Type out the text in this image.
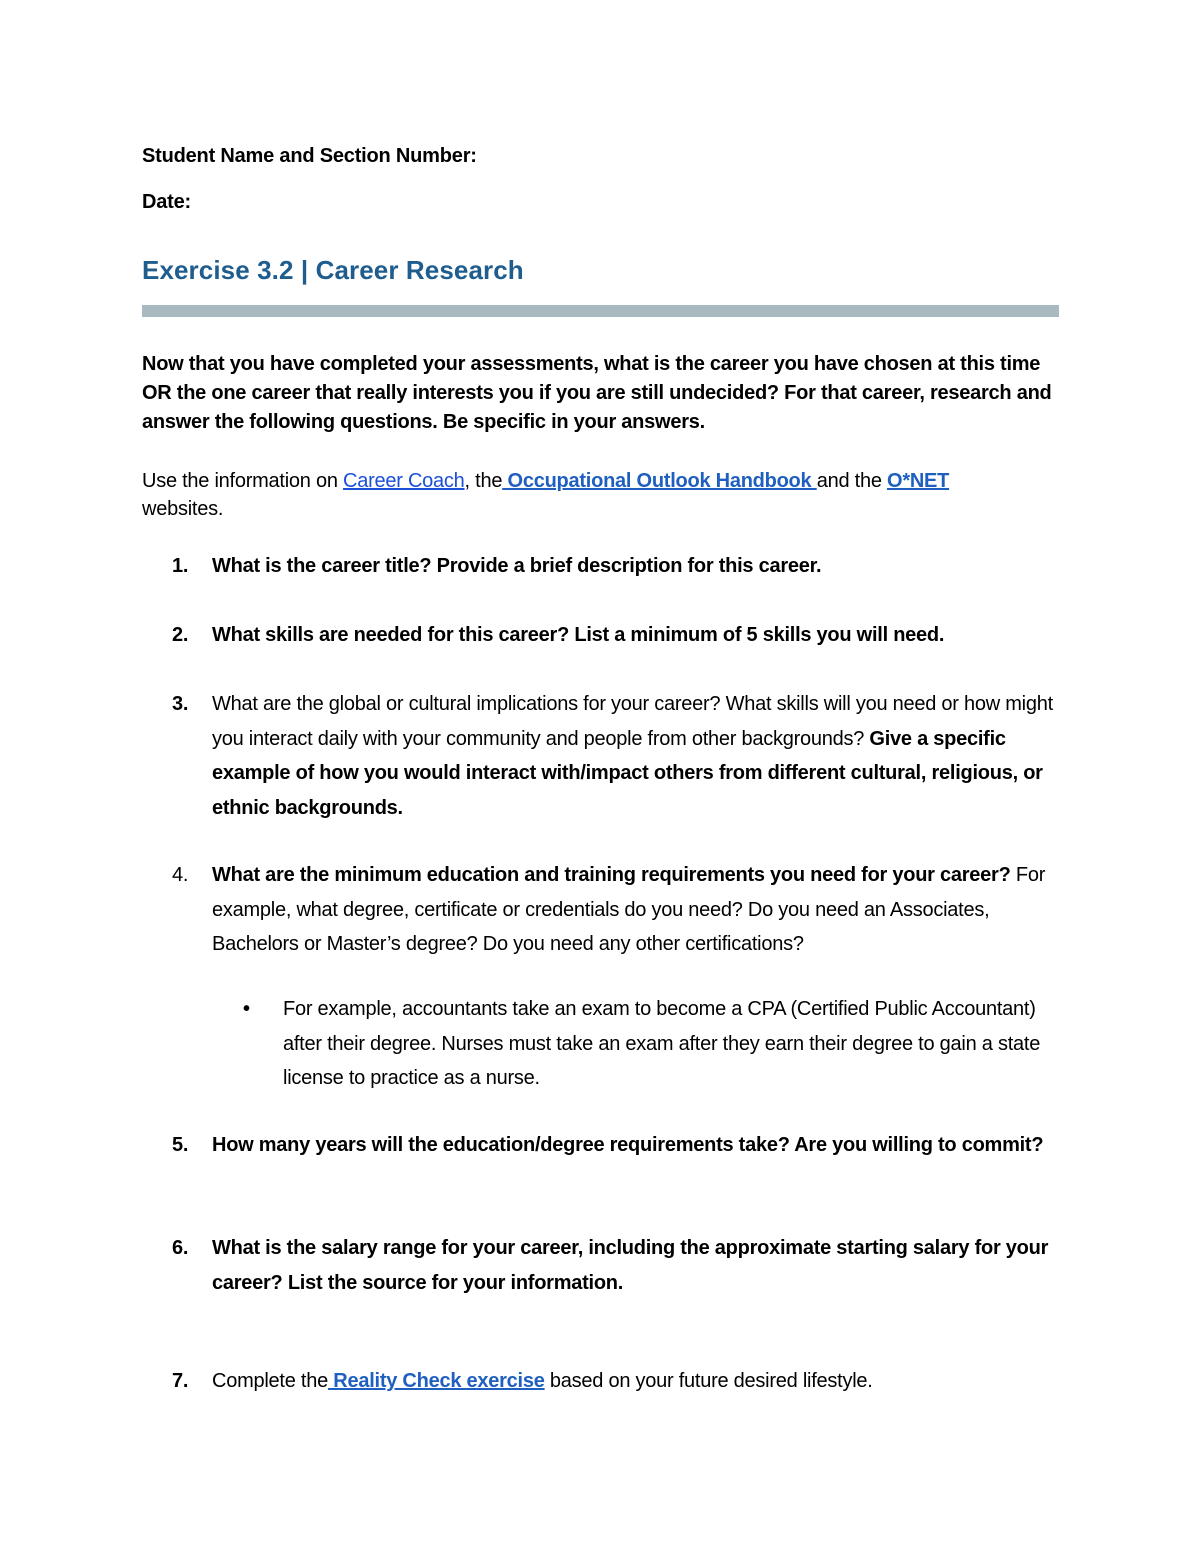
Student Name and Section Number:
Date:
Exercise 3.2 | Career Research
Now that you have completed your assessments, what is the career you have chosen at this time OR the one career that really interests you if you are still undecided? For that career, research and answer the following questions. Be specific in your answers.
Use the information on Career Coach, the Occupational Outlook Handbook and the O*NET
websites.
1.	What is the career title? Provide a brief description for this career.
2.	What skills are needed for this career? List a minimum of 5 skills you will need.
3.	What are the global or cultural implications for your career? What skills will you need or how might you interact daily with your community and people from other backgrounds? Give a specific example of how you would interact with/impact others from different cultural, religious, or ethnic backgrounds.
4.	What are the minimum education and training requirements you need for your career? For example, what degree, certificate or credentials do you need? Do you need an Associates, Bachelors or Master’s degree? Do you need any other certifications?
•	For example, accountants take an exam to become a CPA (Certified Public Accountant) after their degree. Nurses must take an exam after they earn their degree to gain a state license to practice as a nurse.
5.	How many years will the education/degree requirements take? Are you willing to commit?
6.	What is the salary range for your career, including the approximate starting salary for your career? List the source for your information.
7.	Complete the Reality Check exercise based on your future desired lifestyle.
